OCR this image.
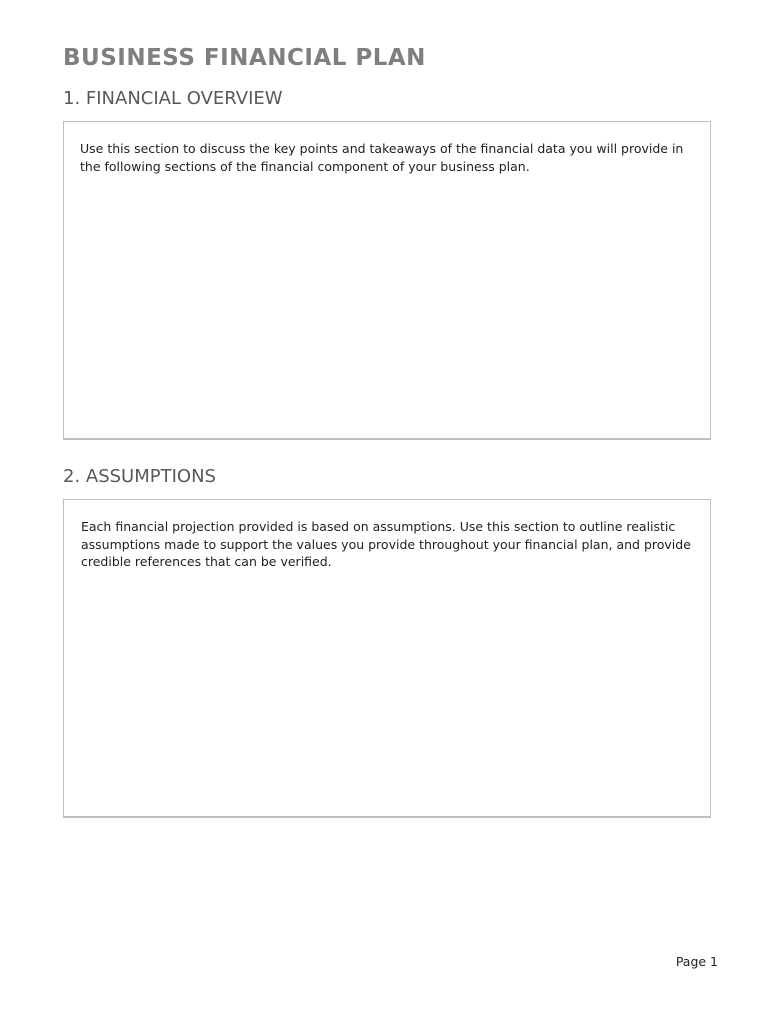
BUSINESS FINANCIAL PLAN
1. FINANCIAL OVERVIEW

Use this section to discuss the key points and takeaways of the financial data you will provide in the following sections of the financial component of your business plan.

2. ASSUMPTIONS

Each financial projection provided is based on assumptions. Use this section to outline realistic assumptions made to support the values you provide throughout your financial plan, and provide credible references that can be verified.

Page 1
